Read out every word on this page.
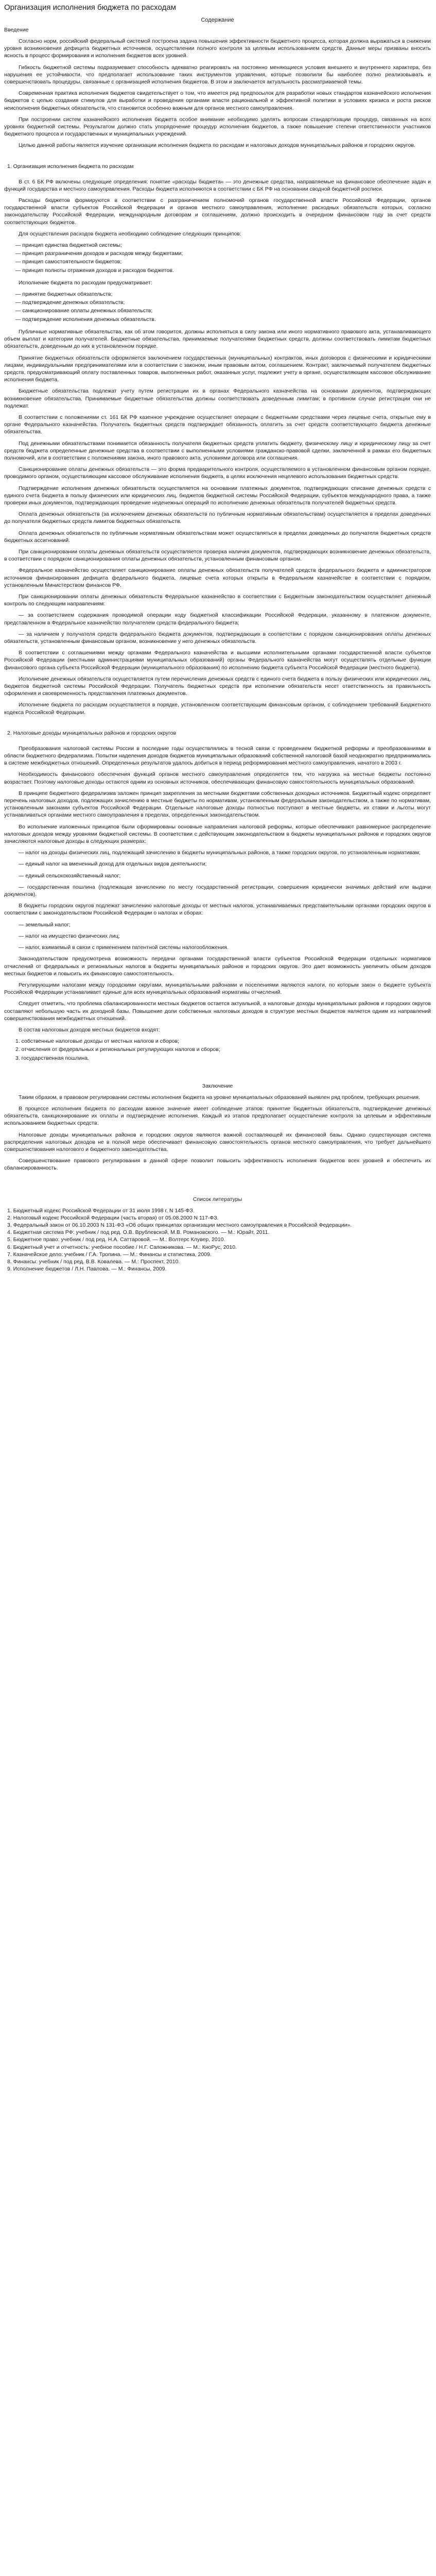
Организация исполнения бюджета по расходам
Содержание
Введение

Согласно норм, российский федеральный системой построена задача повышения эффективности бюджетного процесса, которая должна выражаться в снижении уровня возникновения дефицита бюджетных источников, осуществлении полного контроля за целевым использованием средств. Данные меры призваны вносить ясность в процесс формирования и исполнения бюджетов всех уровней.

Гибкость бюджетной системы подразумевает способность адекватно реагировать на постоянно меняющиеся условия внешнего и внутреннего характера, без нарушения ее устойчивости, что предполагает использование таких инструментов управления, которые позволили бы наиболее полно реализовывать и совершенствовать процедуры, связанные с организацией исполнения бюджетов. В этом и заключается актуальность рассматриваемой темы.

Современная практика исполнения бюджетов свидетельствует о том, что имеется ряд предпосылок для разработки новых стандартов казначейского исполнения бюджетов с целью создания стимулов для выработки и проведения органами власти рациональной и эффективной политики в условиях кризиса и роста рисков неисполнения бюджетных обязательств, что становится особенно важным для органов местного самоуправления.

При построении систем казначейского исполнения бюджета особое внимание необходимо уделять вопросам стандартизации процедур, связанных на всех уровнях бюджетной системы. Результатом должно стать упорядочение процедур исполнения бюджетов, а также повышение степени ответственности участников бюджетного процесса и государственных и муниципальных учреждений.

Целью данной работы является изучение организации исполнения бюджета по расходам и налоговых доходов муниципальных районов и городских округов.

1. Организация исполнения бюджета по расходам

В ст. 6 БК РФ включены следующие определения: понятие «расходы бюджета» — это денежные средства, направляемые на финансовое обеспечение задач и функций государства и местного самоуправления. Расходы бюджета исполняются в соответствии с БК РФ на основании сводной бюджетной росписи.

Расходы бюджетов формируются в соответствии с разграничением полномочий органов государственной власти Российской Федерации, органов государственной власти субъектов Российской Федерации и органов местного самоуправления, исполнение расходных обязательств которых, согласно законодательству Российской Федерации, международным договорам и соглашениям, должно происходить в очередном финансовом году за счет средств соответствующих бюджетов.

Для осуществления расходов бюджета необходимо соблюдение следующих принципов:

— принцип единства бюджетной системы;
— принцип разграничения доходов и расходов между бюджетами;
— принцип самостоятельности бюджетов;
— принцип полноты отражения доходов и расходов бюджетов.

Исполнение бюджета по расходам предусматривает:

— принятие бюджетных обязательств;
— подтверждение денежных обязательств;
— санкционирование оплаты денежных обязательств;
— подтверждение исполнения денежных обязательств.

Публичные нормативные обязательства, как об этом говорится, должны исполняться в силу закона или иного нормативного правового акта, устанавливающего объем выплат и категории получателей. Бюджетные обязательства, принимаемые получателями бюджетных средств, должны соответствовать лимитам бюджетных обязательств, доведенным до них в установленном порядке.

Принятие бюджетных обязательств оформляется заключением государственных (муниципальных) контрактов, иных договоров с физическими и юридическими лицами, индивидуальными предпринимателями или в соответствии с законом, иным правовым актом, соглашением. Контракт, заключаемый получателем бюджетных средств, предусматривающий оплату поставленных товаров, выполненных работ, оказанных услуг, подлежит учету в органе, осуществляющем кассовое обслуживание исполнения бюджета.

Бюджетные обязательства подлежат учету путем регистрации их в органах Федерального казначейства на основании документов, подтверждающих возникновение обязательства. Принимаемые бюджетные обязательства должны соответствовать доведенным лимитам; в противном случае регистрации они не подлежат.

В соответствии с положениями ст. 161 БК РФ казенное учреждение осуществляет операции с бюджетными средствами через лицевые счета, открытые ему в органе Федерального казначейства. Получатель бюджетных средств подтверждает обязанность оплатить за счет средств соответствующего бюджета денежные обязательства.

Под денежными обязательствами понимается обязанность получателя бюджетных средств уплатить бюджету, физическому лицу и юридическому лицу за счет средств бюджета определенные денежные средства в соответствии с выполненными условиями гражданско-правовой сделки, заключенной в рамках его бюджетных полномочий, или в соответствии с положениями закона, иного правового акта, условиями договора или соглашения.

Санкционирование оплаты денежных обязательств — это форма предварительного контроля, осуществляемого в установленном финансовым органом порядке, проводимого органом, осуществляющим кассовое обслуживание исполнения бюджета, в целях исключения нецелевого использования бюджетных средств.

Подтверждение исполнения денежных обязательств осуществляется на основании платежных документов, подтверждающих списание денежных средств с единого счета бюджета в пользу физических или юридических лиц, бюджетов бюджетной системы Российской Федерации, субъектов международного права, а также проверки иных документов, подтверждающих проведение неденежных операций по исполнению денежных обязательств получателей бюджетных средств.

Оплата денежных обязательств (за исключением денежных обязательств по публичным нормативным обязательствам) осуществляется в пределах доведенных до получателя бюджетных средств лимитов бюджетных обязательств.

Оплата денежных обязательств по публичным нормативным обязательствам может осуществляться в пределах доведенных до получателя бюджетных средств бюджетных ассигнований.

При санкционировании оплаты денежных обязательств осуществляется проверка наличия документов, подтверждающих возникновение денежных обязательств, в соответствии с порядком санкционирования оплаты денежных обязательств, установленным финансовым органом.

Федеральное казначейство осуществляет санкционирование оплаты денежных обязательств получателей средств федерального бюджета и администраторов источников финансирования дефицита федерального бюджета, лицевые счета которых открыты в Федеральном казначействе в соответствии с порядком, установленным Министерством финансов РФ.

При санкционировании оплаты денежных обязательств Федеральное казначейство в соответствии с Бюджетным законодательством осуществляет денежный контроль по следующим направлениям:

— за соответствием содержания проводимой операции коду бюджетной классификации Российской Федерации, указанному в платежном документе, представленном в Федеральное казначейство получателем средств федерального бюджета;

— за наличием у получателя средств федерального бюджета документов, подтверждающих в соответствии с порядком санкционирования оплаты денежных обязательств, установленным финансовым органом, возникновение у него денежных обязательств.

В соответствии с соглашениями между органами Федерального казначейства и высшими исполнительными органами государственной власти субъектов Российской Федерации (местными администрациями муниципальных образований) органы Федерального казначейства могут осуществлять отдельные функции финансового органа субъекта Российской Федерации (муниципального образования) по исполнению бюджета субъекта Российской Федерации (местного бюджета).

Исполнение денежных обязательств осуществляется путем перечисления денежных средств с единого счета бюджета в пользу физических или юридических лиц, бюджетов бюджетной системы Российской Федерации. Получатель бюджетных средств при исполнении обязательств несет ответственность за правильность оформления и своевременность представления платежных документов.

Исполнение бюджета по расходам осуществляется в порядке, установленном соответствующим финансовым органом, с соблюдением требований Бюджетного кодекса Российской Федерации.

2. Налоговые доходы муниципальных районов и городских округов

Преобразования налоговой системы России в последние годы осуществлялись в тесной связи с проведением бюджетной реформы и преобразованиями в области бюджетного федерализма. Попытки наделения доходов бюджетов муниципальных образований собственной налоговой базой неоднократно предпринимались в системе межбюджетных отношений. Определенных результатов удалось добиться в период реформирования местного самоуправления, начатого в 2003 г.

Необходимость финансового обеспечения функций органов местного самоуправления определяется тем, что нагрузка на местные бюджеты постоянно возрастает. Поэтому налоговые доходы остаются одним из основных источников, обеспечивающих финансовую самостоятельность муниципальных образований.

В принципе бюджетного федерализма заложен принцип закрепления за местными бюджетами собственных доходных источников. Бюджетный кодекс определяет перечень налоговых доходов, подлежащих зачислению в местные бюджеты по нормативам, установленным федеральным законодательством, а также по нормативам, установленным законами субъектов Российской Федерации. Отдельные налоговые доходы полностью поступают в местные бюджеты, их ставки и льготы могут устанавливаться органами местного самоуправления в пределах, определенных законодательством.

Во исполнение изложенных принципов были сформированы основные направления налоговой реформы, которые обеспечивают равномерное распределение налоговых доходов между уровнями бюджетной системы. В соответствии с действующим законодательством в бюджеты муниципальных районов и городских округов зачисляются налоговые доходы в следующих размерах:

— налог на доходы физических лиц, подлежащий зачислению в бюджеты муниципальных районов, а также городских округов, по установленным нормативам;

— единый налог на вмененный доход для отдельных видов деятельности;

— единый сельскохозяйственный налог;

— государственная пошлина (подлежащая зачислению по месту государственной регистрации, совершения юридически значимых действий или выдачи документов).

В бюджеты городских округов подлежат зачислению налоговые доходы от местных налогов, устанавливаемых представительными органами городских округов в соответствии с законодательством Российской Федерации о налогах и сборах:

— земельный налог;

— налог на имущество физических лиц;

— налог, взимаемый в связи с применением патентной системы налогообложения.

Законодательством предусмотрена возможность передачи органами государственной власти субъектов Российской Федерации отдельных нормативов отчислений от федеральных и региональных налогов в бюджеты муниципальных районов и городских округов. Это дает возможность увеличить объем доходов местных бюджетов и повысить их финансовую самостоятельность.

Регулирующими налогами между городскими округами, муниципальными районами и поселениями являются налоги, по которым закон о бюджете субъекта Российской Федерации устанавливает единые для всех муниципальных образований нормативы отчислений.

Следует отметить, что проблема сбалансированности местных бюджетов остается актуальной, а налоговые доходы муниципальных районов и городских округов составляют небольшую часть их доходной базы. Повышение доли собственных налоговых доходов в структуре местных бюджетов является одним из направлений совершенствования межбюджетных отношений.

В состав налоговых доходов местных бюджетов входят:

1. собственные налоговые доходы от местных налогов и сборов;
2. отчисления от федеральных и региональных регулирующих налогов и сборов;
3. государственная пошлина.
Заключение

Таким образом, в правовом регулировании системы исполнения бюджета на уровне муниципальных образований выявлен ряд проблем, требующих решения.

В процессе исполнения бюджета по расходам важное значение имеет соблюдение этапов: принятие бюджетных обязательств, подтверждение денежных обязательств, санкционирование их оплаты и подтверждение исполнения. Каждый из этапов предполагает осуществление контроля за целевым и эффективным использованием бюджетных средств.

Налоговые доходы муниципальных районов и городских округов являются важной составляющей их финансовой базы. Однако существующая система распределения налоговых доходов не в полной мере обеспечивает финансовую самостоятельность органов местного самоуправления, что требует дальнейшего совершенствования налогового и бюджетного законодательства.

Совершенствование правового регулирования в данной сфере позволит повысить эффективность исполнения бюджетов всех уровней и обеспечить их сбалансированность.

Список литературы

1. Бюджетный кодекс Российской Федерации от 31 июля 1998 г. N 145-ФЗ.

2. Налоговый кодекс Российской Федерации (часть вторая) от 05.08.2000 N 117-ФЗ.

3. Федеральный закон от 06.10.2003 N 131-ФЗ «Об общих принципах организации местного самоуправления в Российской Федерации».

4. Бюджетная система РФ: учебник / под ред. О.В. Врублевской, М.В. Романовского. — М.: Юрайт, 2011.

5. Бюджетное право: учебник / под ред. Н.А. Саттаровой. — М.: Волтерс Клувер, 2010.

6. Бюджетный учет и отчетность: учебное пособие / Н.Г. Сапожникова. — М.: КноРус, 2010.

7. Казначейское дело: учебник / Г.А. Тропина. — М.: Финансы и статистика, 2009.

8. Финансы: учебник / под ред. В.В. Ковалева. — М.: Проспект, 2010.

9. Исполнение бюджетов / Л.Н. Павлова. — М.: Финансы, 2009.
